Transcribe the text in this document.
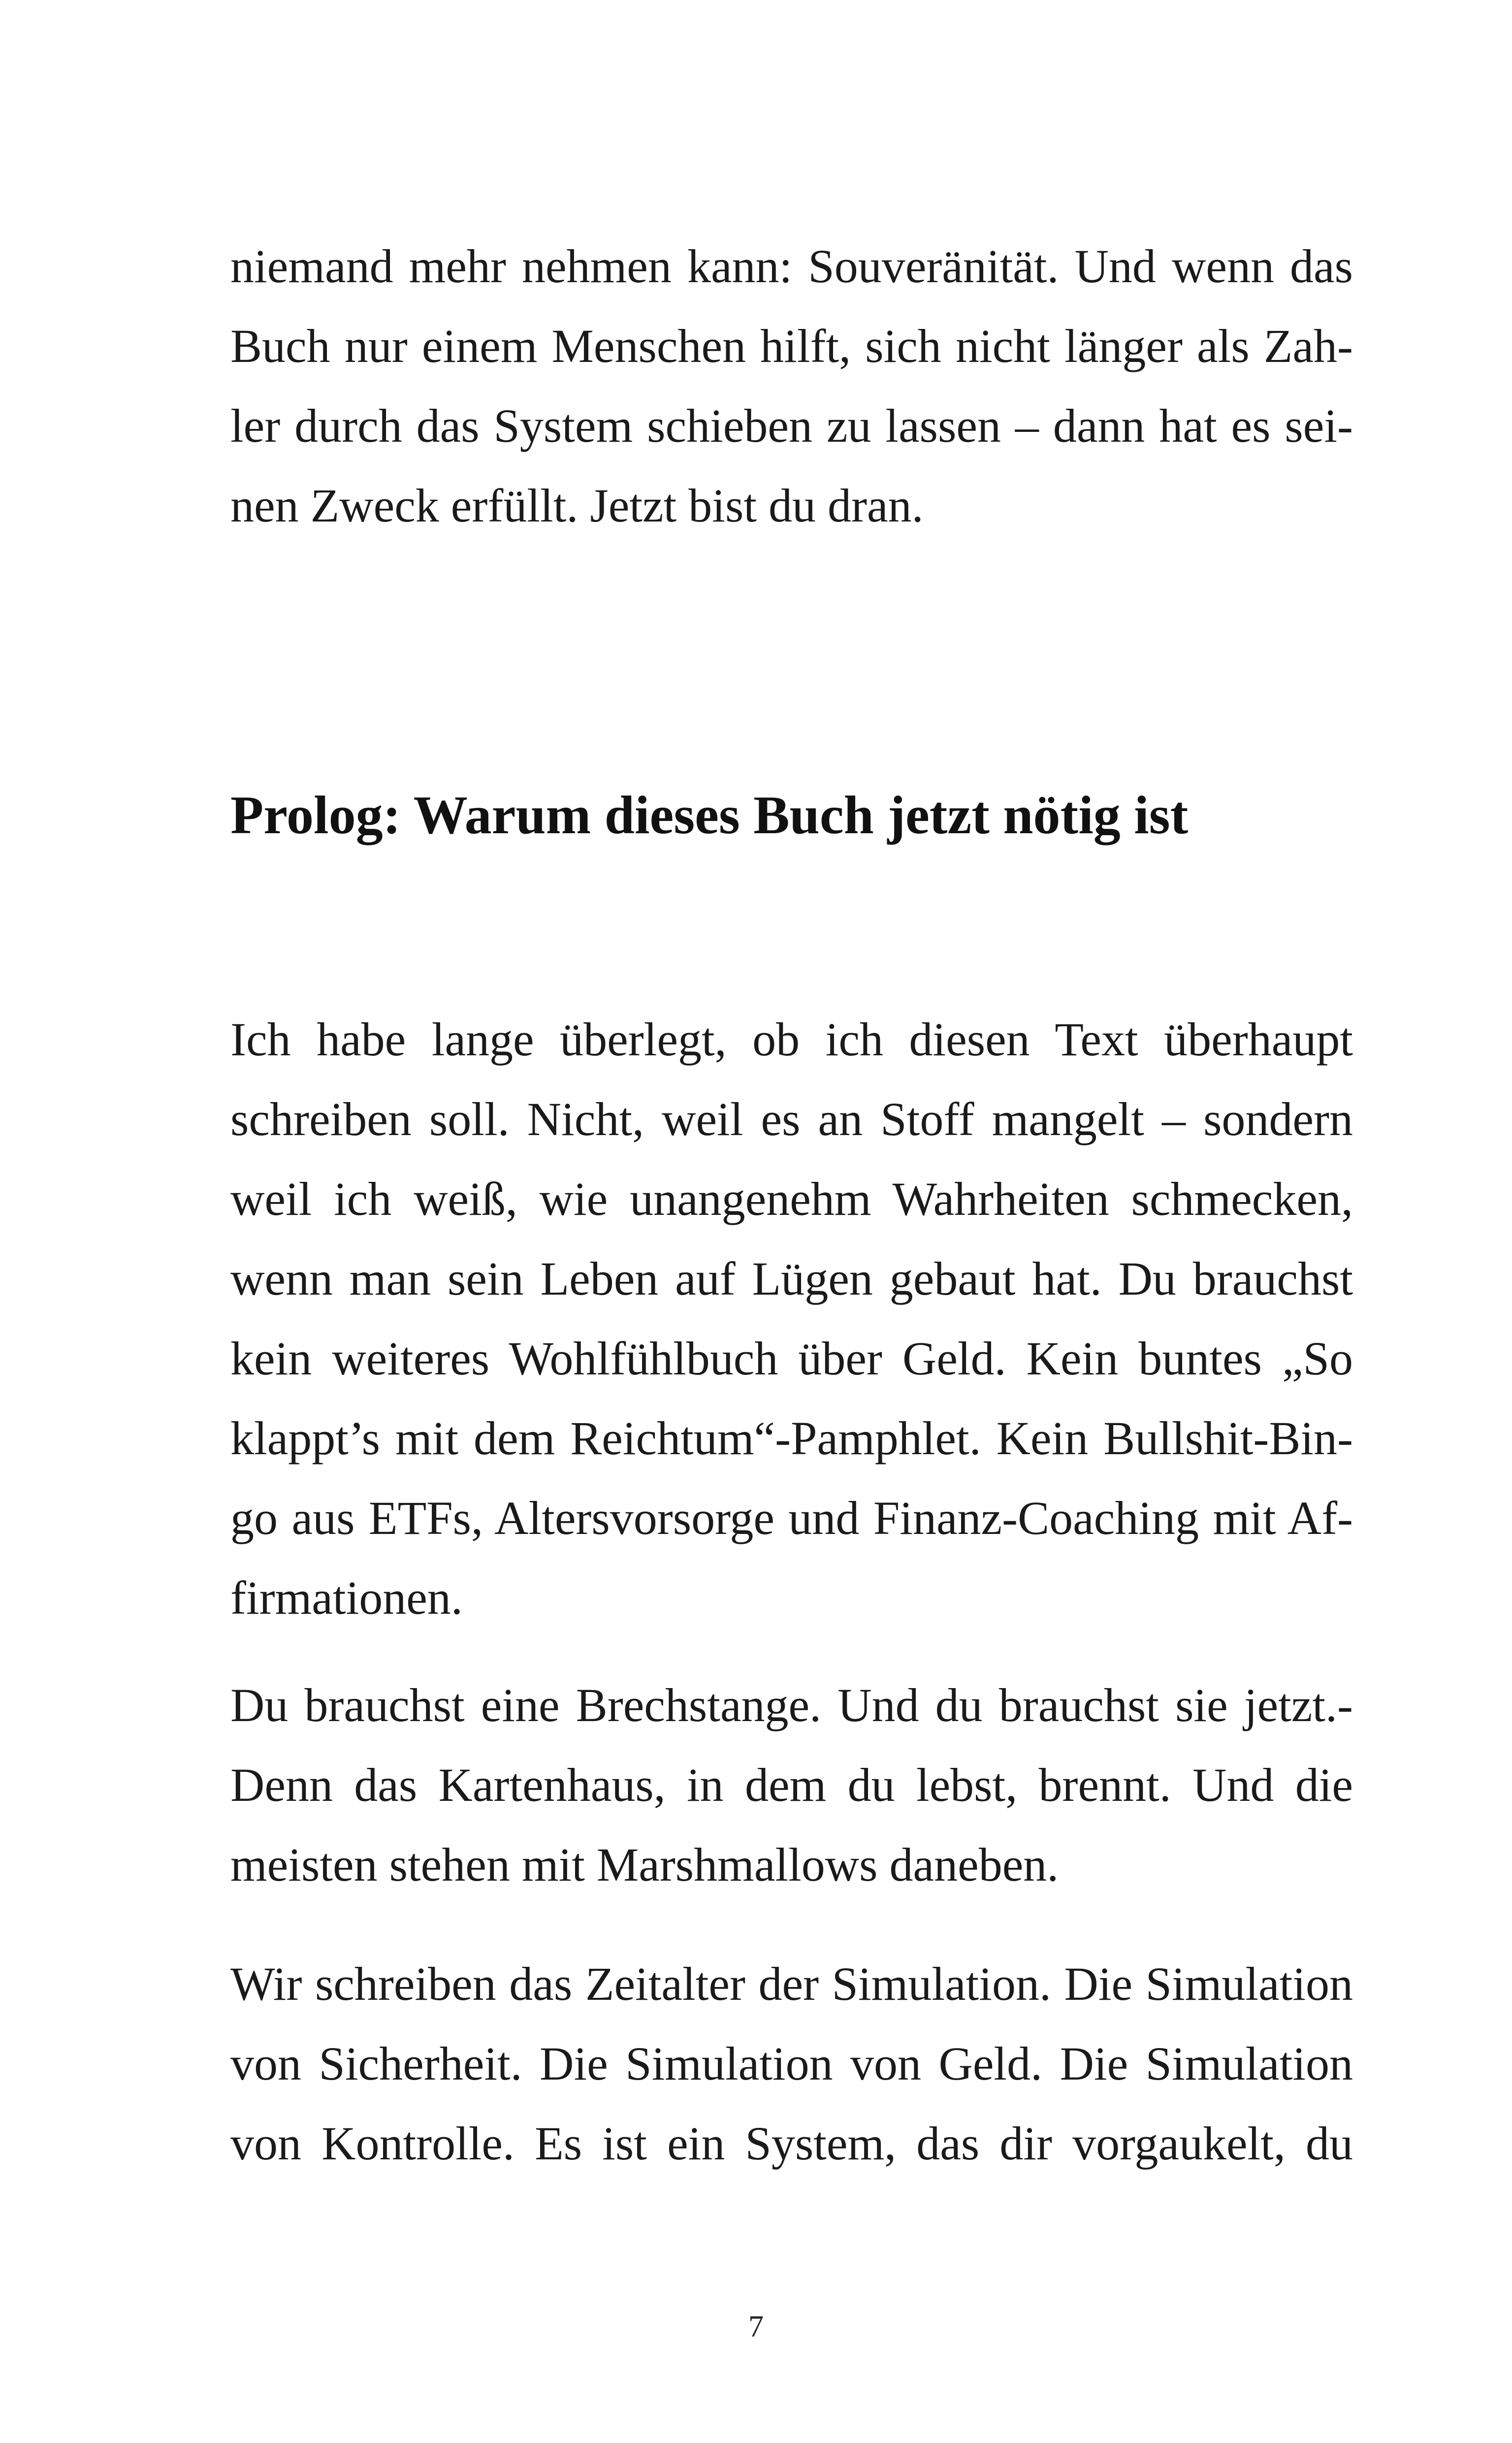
niemand mehr nehmen kann: Souveränität. Und wenn das
Buch nur einem Menschen hilft, sich nicht länger als Zah-
ler durch das System schieben zu lassen – dann hat es sei-
nen Zweck erfüllt. Jetzt bist du dran.
Prolog: Warum dieses Buch jetzt nötig ist
Ich habe lange überlegt, ob ich diesen Text überhaupt
schreiben soll. Nicht, weil es an Stoff mangelt – sondern
weil ich weiß, wie unangenehm Wahrheiten schmecken,
wenn man sein Leben auf Lügen gebaut hat. Du brauchst
kein weiteres Wohlfühlbuch über Geld. Kein buntes „So
klappt’s mit dem Reichtum“-Pamphlet. Kein Bullshit-Bin-
go aus ETFs, Altersvorsorge und Finanz-Coaching mit Af-
firmationen.
Du brauchst eine Brechstange. Und du brauchst sie jetzt.-
Denn das Kartenhaus, in dem du lebst, brennt. Und die
meisten stehen mit Marshmallows daneben.
Wir schreiben das Zeitalter der Simulation. Die Simulation
von Sicherheit. Die Simulation von Geld. Die Simulation
von Kontrolle. Es ist ein System, das dir vorgaukelt, du
7
